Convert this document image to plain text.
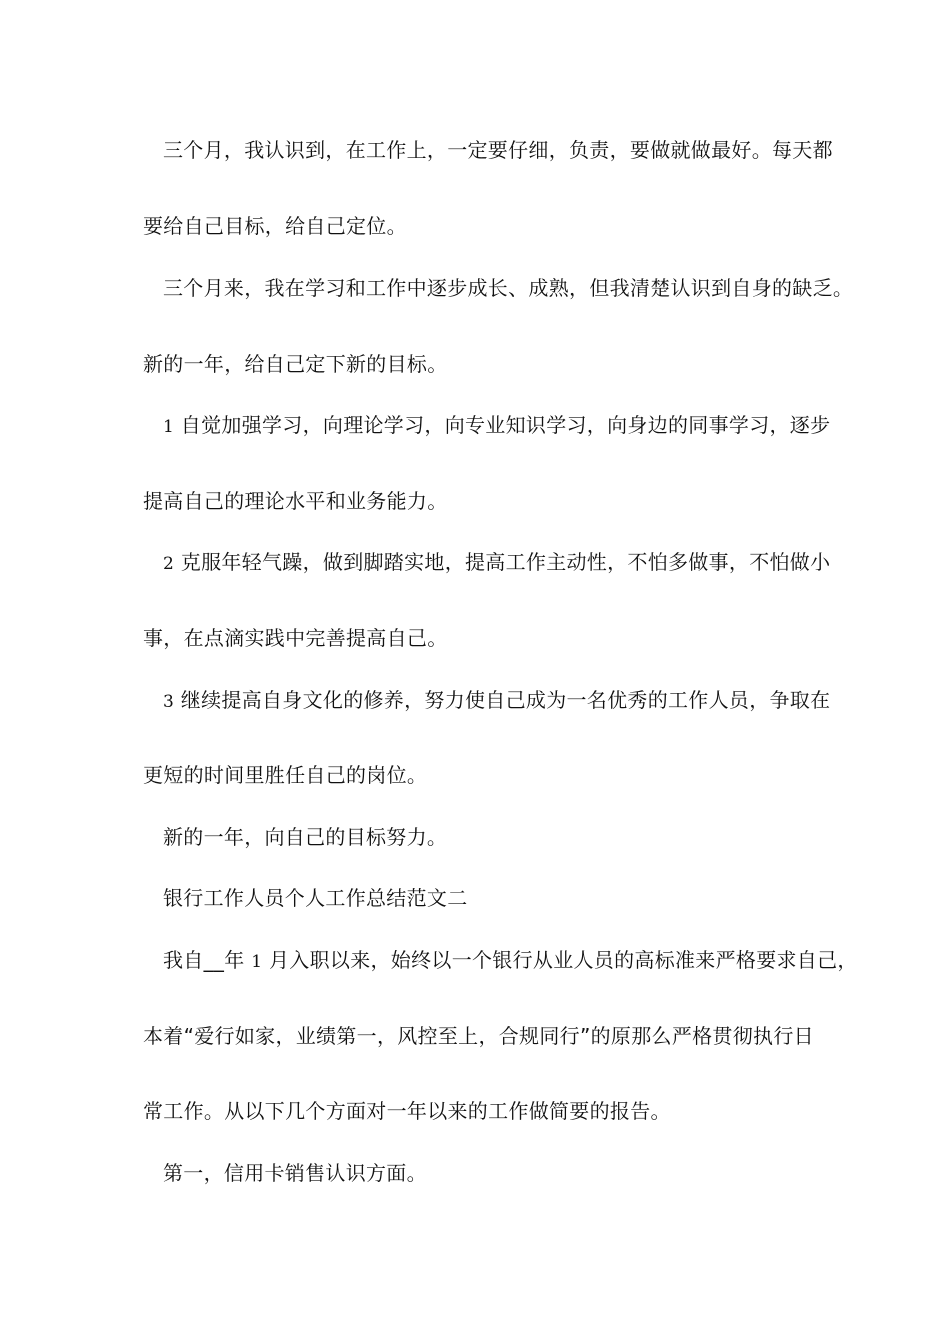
三个月，我认识到，在工作上，一定要仔细，负责，要做就做最好。每天都
要给自己目标，给自己定位。
三个月来，我在学习和工作中逐步成长、成熟，但我清楚认识到自身的缺乏。
新的一年，给自己定下新的目标。
1 自觉加强学习，向理论学习，向专业知识学习，向身边的同事学习，逐步
提高自己的理论水平和业务能力。
2 克服年轻气躁，做到脚踏实地，提高工作主动性，不怕多做事，不怕做小
事，在点滴实践中完善提高自己。
3 继续提高自身文化的修养，努力使自己成为一名优秀的工作人员，争取在
更短的时间里胜任自己的岗位。
新的一年，向自己的目标努力。
银行工作人员个人工作总结范文二
我自__年 1 月入职以来，始终以一个银行从业人员的高标准来严格要求自己，
本着“爱行如家，业绩第一，风控至上，合规同行”的原那么严格贯彻执行日
常工作。从以下几个方面对一年以来的工作做简要的报告。
第一，信用卡销售认识方面。
